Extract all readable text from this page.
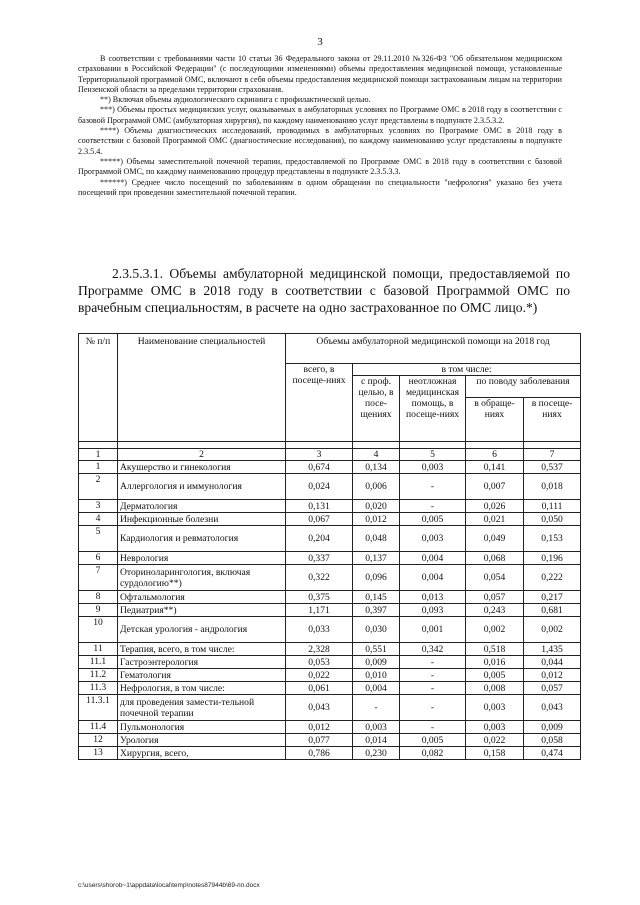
3

В соответствии с требованиями части 10 статьи 36 Федерального закона от 29.11.2010 №326-ФЗ "Об обязательном медицинском страховании в Российской Федерации" (с последующими изменениями) объемы предоставления медицинской помощи, установленные Территориальной программой ОМС, включают в себя объемы предоставления медицинской помощи застрахованным лицам на территории Пензенской области за пределами территории страхования.

**) Включая объемы аудиологического скрининга с профилактической целью.

***) Объемы простых медицинских услуг, оказываемых в амбулаторных условиях по Программе ОМС в 2018 году в соответствии с базовой Программой ОМС (амбулаторная хирургия), по каждому наименованию услуг представлены в подпункте 2.3.5.3.2.

****) Объемы диагностических исследований, проводимых в амбулаторных условиях по Программе ОМС в 2018 году в соответствии с базовой Программой ОМС (диагностические исследования), по каждому наименованию услуг представлены в подпункте 2.3.5.4.

*****) Объемы заместительной почечной терапии, предоставляемой по Программе ОМС в 2018 году в соответствии с базовой Программой ОМС, по каждому наименованию процедур представлены в подпункте 2.3.5.3.3.

******) Среднее число посещений по заболеваниям в одном обращении по специальности "нефрология" указано без учета посещений при проведении заместительной почечной терапии.

2.3.5.3.1. Объемы амбулаторной медицинской помощи, предоставляемой по Программе ОМС в 2018 году в соответствии с базовой Программой ОМС по врачебным специальностям, в расчете на одно застрахованное по ОМС лицо.*)
№ п/п	Наименование специальностей	Объемы амбулаторной медицинской помощи на 2018 год				
		всего, в посеще-ниях	в том числе:			
			с проф. целью, в посе-щениях	неотложная медицинская помощь, в посеще-ниях	по поводу заболевания	
					в обраще-ниях	в посеще-ниях

1	2	3	4	5	6	7
1	Акушерство и гинекология	0,674	0,134	0,003	0,141	0,537
2	Аллергология и иммунология	0,024	0,006	-	0,007	0,018
3	Дерматология	0,131	0,020	-	0,026	0,111
4	Инфекционные болезни	0,067	0,012	0,005	0,021	0,050
5	Кардиология и ревматология	0,204	0,048	0,003	0,049	0,153
6	Неврология	0,337	0,137	0,004	0,068	0,196
7	Оториноларингология, включая сурдологию**)	0,322	0,096	0,004	0,054	0,222
8	Офтальмология	0,375	0,145	0,013	0,057	0,217
9	Педиатрия**)	1,171	0,397	0,093	0,243	0,681
10	Детская урология - андрология	0,033	0,030	0,001	0,002	0,002
11	Терапия, всего, в том числе:	2,328	0,551	0,342	0,518	1,435
11.1	Гастроэнтерология	0,053	0,009	-	0,016	0,044
11.2	Гематология	0,022	0,010	-	0,005	0,012
11.3	Нефрология, в том числе:	0,061	0,004	-	0,008	0,057
11.3.1	для проведения замести-тельной почечной терапии	0,043	-	-	0,003	0,043
11.4	Пульмонология	0,012	0,003	-	0,003	0,009
12	Урология	0,077	0,014	0,005	0,022	0,058
13	Хирургия, всего,	0,786	0,230	0,082	0,158	0,474
c:\users\shorob~1\appdata\local\temp\notes87944b\69-пп.docx
